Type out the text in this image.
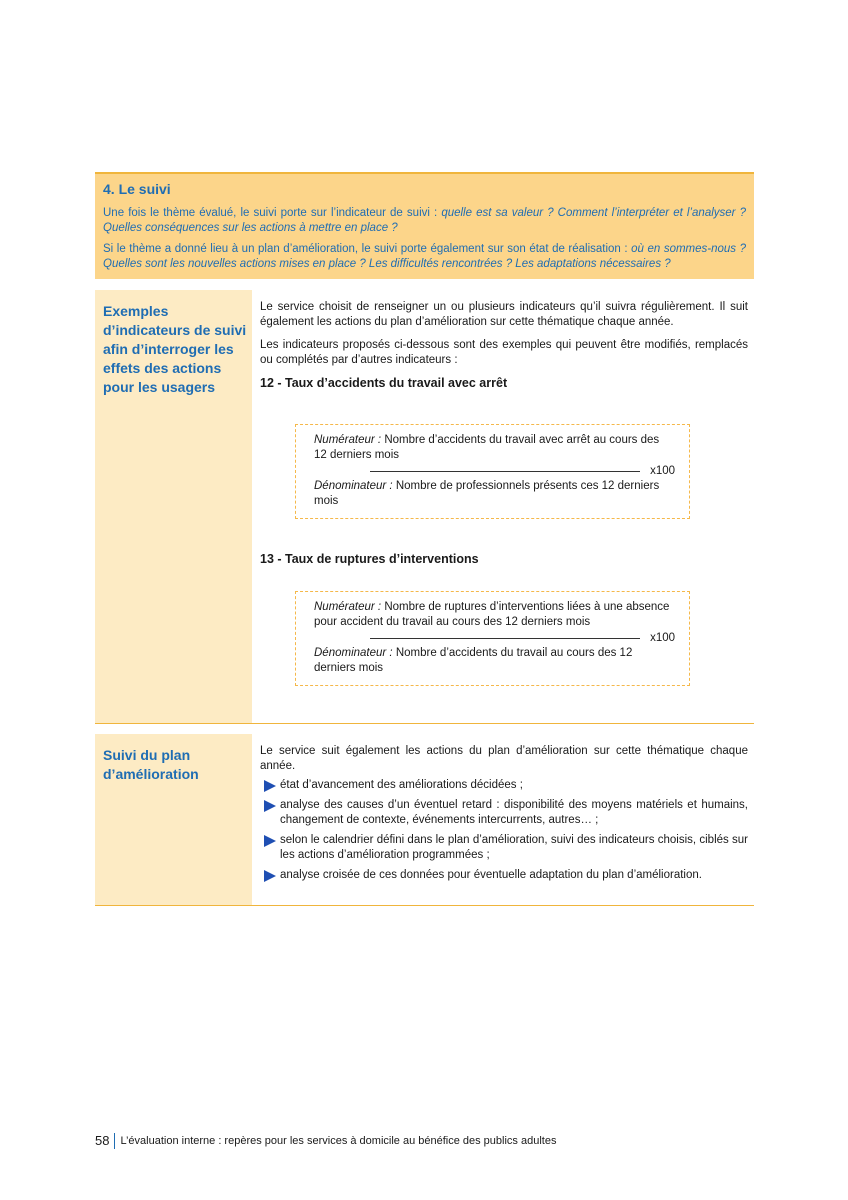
4. Le suivi

Une fois le thème évalué, le suivi porte sur l’indicateur de suivi : quelle est sa valeur ? Comment l’interpréter et l’analyser ? Quelles conséquences sur les actions à mettre en place ?

Si le thème a donné lieu à un plan d’amélioration, le suivi porte également sur son état de réalisation : où en sommes-nous ? Quelles sont les nouvelles actions mises en place ? Les difficultés rencontrées ? Les adaptations nécessaires ?

Exemples d’indicateurs de suivi afin d’interroger les effets des actions pour les usagers

Le service choisit de renseigner un ou plusieurs indicateurs qu’il suivra régulièrement. Il suit également les actions du plan d’amélioration sur cette thématique chaque année.

Les indicateurs proposés ci-dessous sont des exemples qui peuvent être modifiés, remplacés ou complétés par d’autres indicateurs :

12 - Taux d’accidents du travail avec arrêt
Numérateur : Nombre d’accidents du travail avec arrêt au cours des 12 derniers mois
x100
Dénominateur : Nombre de professionnels présents ces 12 derniers mois
13 - Taux de ruptures d’interventions
Numérateur : Nombre de ruptures d’interventions liées à une absence pour accident du travail au cours des 12 derniers mois
x100
Dénominateur : Nombre d’accidents du travail au cours des 12 derniers mois
Suivi du plan d’amélioration

Le service suit également les actions du plan d’amélioration sur cette thématique chaque année.

état d’avancement des améliorations décidées ;
analyse des causes d’un éventuel retard : disponibilité des moyens matériels et humains, changement de contexte, événements intercurrents, autres… ;
selon le calendrier défini dans le plan d’amélioration, suivi des indicateurs choisis, ciblés sur les actions d’amélioration programmées ;
analyse croisée de ces données pour éventuelle adaptation du plan d’amélioration.
58	L’évaluation interne : repères pour les services à domicile au bénéfice des publics adultes
